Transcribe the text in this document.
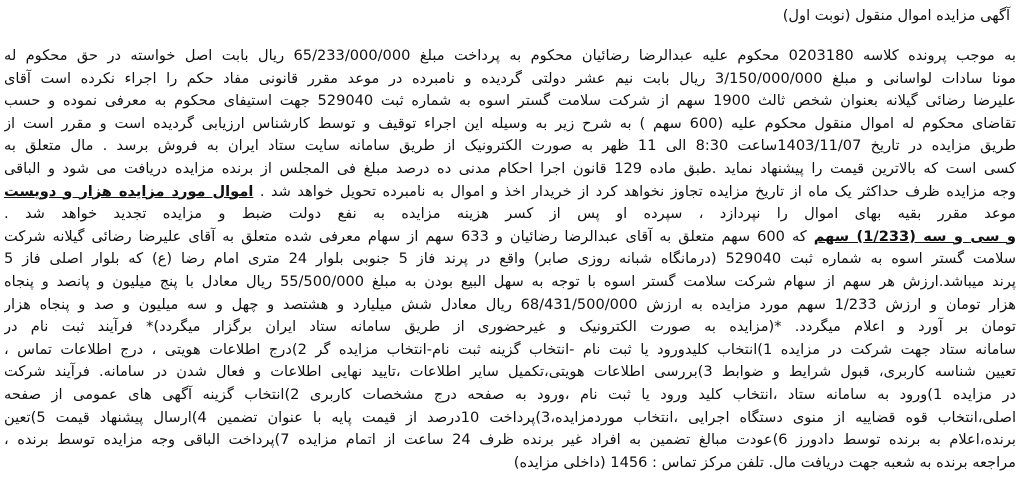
آگهی مزایده اموال منقول (نوبت اول)
به موجب پرونده کلاسه 0203180 محکوم علیه عبدالرضا رضائیان محکوم به پرداخت مبلغ 65/233/000/000 ریال بابت اصل خواسته در حق محکوم له
مونا سادات لواسانی و مبلغ 3/150/000/000 ریال بابت نیم عشر دولتی گردیده و نامبرده در موعد مقرر قانونی مفاد حکم را اجراء نکرده است آقای
علیرضا رضائی گیلانه بعنوان شخص ثالث 1900 سهم از شرکت سلامت گستر اسوه به شماره ثبت 529040 جهت استیفای محکوم به معرفی نموده و حسب
تقاضای محکوم له اموال منقول محکوم علیه (600 سهم ) به شرح زیر به وسیله این اجراء توقیف و توسط کارشناس ارزیابی گردیده است و مقرر است از
طریق مزایده در تاریخ 1403/11/07ساعت 8:30 الی 11 ظهر به صورت الکترونیک از طریق سامانه سایت ستاد ایران به فروش برسد . مال متعلق به
کسی است که بالاترین قیمت را پیشنهاد نماید .طبق ماده 129 قانون اجرا احکام مدنی ده درصد مبلغ فی المجلس از برنده مزایده دریافت می شود و الباقی
وجه مزایده ظرف حداکثر یک ماه از تاریخ مزایده تجاوز نخواهد کرد از خریدار اخذ و اموال به نامبرده تحویل خواهد شد . اموال مورد مزایده هزار و دویست
موعد مقرر بقیه بهای اموال را نپردازد ، سپرده او پس از کسر هزینه مزایده به نفع دولت ضبط و مزایده تجدید خواهد شد .
و سی و سه (1/233) سهم که 600 سهم متعلق به آقای عبدالرضا رضائیان و 633 سهم از سهام معرفی شده متعلق به آقای علیرضا رضائی گیلانه شرکت
سلامت گستر اسوه به شماره ثبت 529040 (درمانگاه شبانه روزی صابر) واقع در پرند فاز 5 جنوبی بلوار 24 متری امام رضا (ع) که بلوار اصلی فاز 5
پرند میباشد.ارزش هر سهم از سهام شرکت سلامت گستر اسوه با توجه به سهل البیع بودن به مبلغ 55/500/000 ریال معادل با پنج میلیون و پانصد و پنجاه
هزار تومان و ارزش 1/233 سهم مورد مزایده به ارزش 68/431/500/000 ریال معادل شش میلیارد و هشتصد و چهل و سه میلیون و صد و پنجاه هزار
تومان بر آورد و اعلام میگردد. *(مزایده به صورت الکترونیک و غیرحضوری از طریق سامانه ستاد ایران برگزار میگردد)* فرآیند ثبت نام در
سامانه ستاد جهت شرکت در مزایده 1)انتخاب کلیدورود یا ثبت نام -انتخاب گزینه ثبت نام-انتخاب مزایده گر 2)درج اطلاعات هویتی ، درج اطلاعات تماس ،
تعیین شناسه کاربری، قبول شرایط و ضوابط 3)بررسی اطلاعات هویتی،تکمیل سایر اطلاعات ،تایید نهایی اطلاعات و فعال شدن در سامانه. فرآیند شرکت
در مزایده 1)ورود به سامانه ستاد ،انتخاب کلید ورود یا ثبت نام ،ورود به صفحه درج مشخصات کاربری 2)انتخاب گزینه آگهی های عمومی از صفحه
اصلی،انتخاب قوه قضاییه از منوی دستگاه اجرایی ،انتخاب موردمزایده،3)پرداخت 10درصد از قیمت پایه با عنوان تضمین 4)ارسال پیشنهاد قیمت 5)تعین
برنده،اعلام به برنده توسط دادورز 6)عودت مبالغ تضمین به افراد غیر برنده ظرف 24 ساعت از اتمام مزایده 7)پرداخت الباقی وجه مزایده توسط برنده ،
مراجعه برنده به شعبه جهت دریافت مال. تلفن مرکز تماس : 1456 (داخلی مزایده)
